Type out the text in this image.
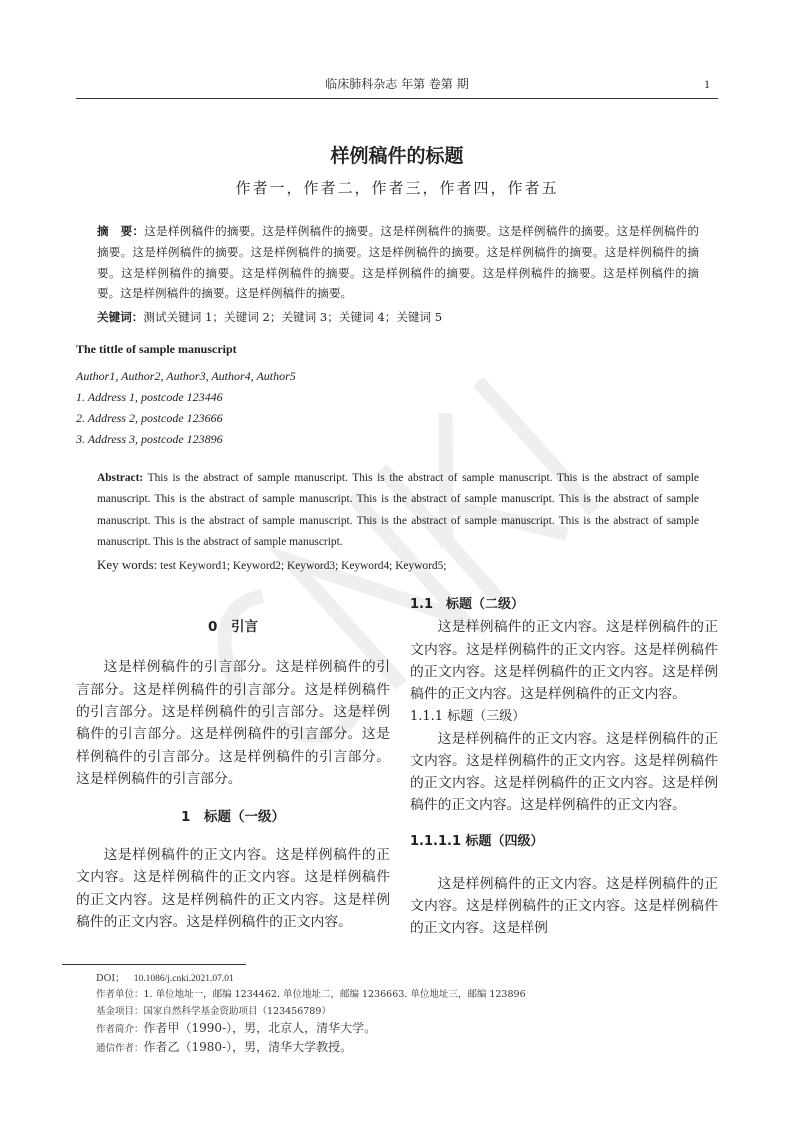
临床肺科杂志 年第 卷第 期	1
样例稿件的标题
作者一，作者二，作者三，作者四，作者五
摘　要：这是样例稿件的摘要。这是样例稿件的摘要。这是样例稿件的摘要。这是样例稿件的摘要。这是样例稿件的摘要。这是样例稿件的摘要。这是样例稿件的摘要。这是样例稿件的摘要。这是样例稿件的摘要。这是样例稿件的摘要。这是样例稿件的摘要。这是样例稿件的摘要。这是样例稿件的摘要。这是样例稿件的摘要。这是样例稿件的摘要。这是样例稿件的摘要。这是样例稿件的摘要。
关键词：测试关键词 1；关键词 2；关键词 3；关键词 4；关键词 5
The tittle of sample manuscript
Author1, Author2, Author3, Author4, Author5
1. Address 1, postcode 123446
2. Address 2, postcode 123666
3. Address 3, postcode 123896
Abstract: This is the abstract of sample manuscript. This is the abstract of sample manuscript. This is the abstract of sample manuscript. This is the abstract of sample manuscript. This is the abstract of sample manuscript. This is the abstract of sample manuscript. This is the abstract of sample manuscript. This is the abstract of sample manuscript. This is the abstract of sample manuscript. This is the abstract of sample manuscript.
Key words: test Keyword1; Keyword2; Keyword3; Keyword4; Keyword5;
0　引言

这是样例稿件的引言部分。这是样例稿件的引言部分。这是样例稿件的引言部分。这是样例稿件的引言部分。这是样例稿件的引言部分。这是样例稿件的引言部分。这是样例稿件的引言部分。这是样例稿件的引言部分。这是样例稿件的引言部分。这是样例稿件的引言部分。

1　标题（一级）

这是样例稿件的正文内容。这是样例稿件的正文内容。这是样例稿件的正文内容。这是样例稿件的正文内容。这是样例稿件的正文内容。这是样例稿件的正文内容。这是样例稿件的正文内容。

1.1　标题（二级）

这是样例稿件的正文内容。这是样例稿件的正文内容。这是样例稿件的正文内容。这是样例稿件的正文内容。这是样例稿件的正文内容。这是样例稿件的正文内容。这是样例稿件的正文内容。

1.1.1 标题（三级）

这是样例稿件的正文内容。这是样例稿件的正文内容。这是样例稿件的正文内容。这是样例稿件的正文内容。这是样例稿件的正文内容。这是样例稿件的正文内容。这是样例稿件的正文内容。

1.1.1.1 标题（四级）

这是样例稿件的正文内容。这是样例稿件的正文内容。这是样例稿件的正文内容。这是样例稿件的正文内容。这是样例

DOI； 10.1086/j.cnki.2021.07.01
作者单位：1. 单位地址一，邮编 1234462. 单位地址二，邮编 1236663. 单位地址三，邮编 123896
基金项目：国家自然科学基金资助项目（123456789）
作者简介：作者甲（1990-），男，北京人，清华大学。
通信作者：作者乙（1980-），男，清华大学教授。
